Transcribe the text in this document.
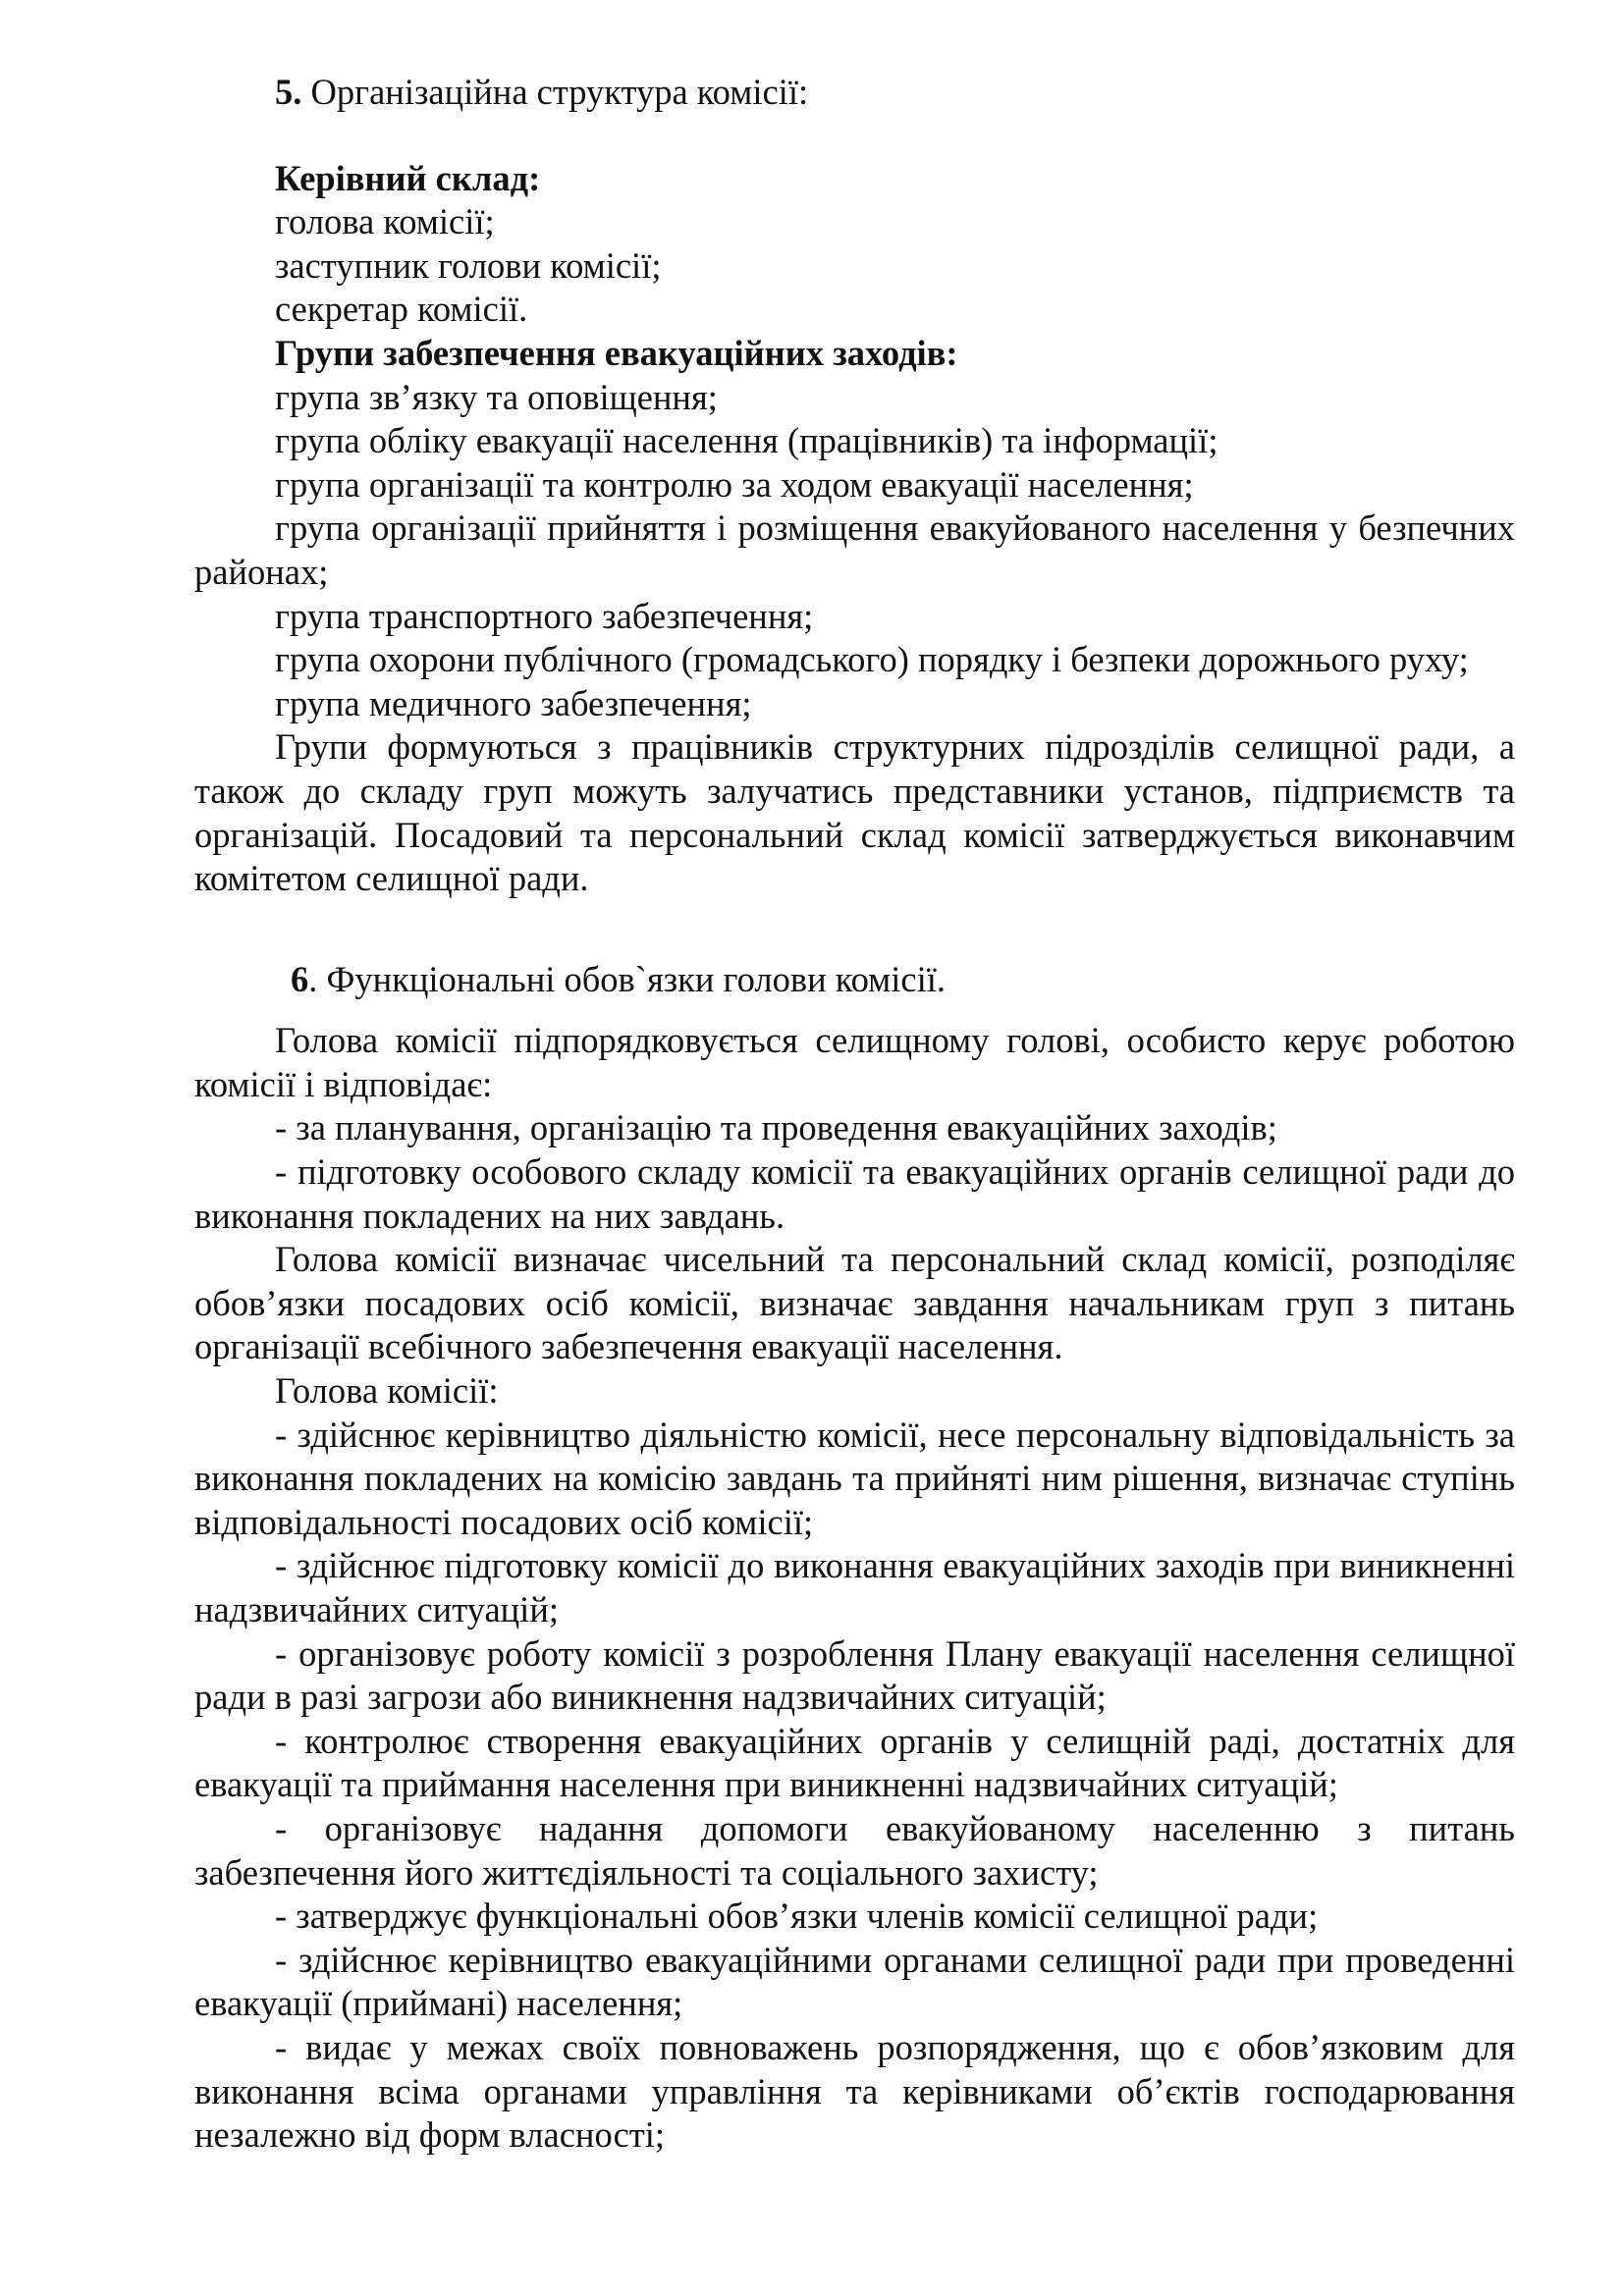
5. Організаційна структура комісії:

Керівний склад:

голова комісії;

заступник голови комісії;

секретар комісії.

Групи забезпечення евакуаційних заходів:

група зв’язку та оповіщення;

група обліку евакуації населення (працівників) та інформації;

група організації та контролю за ходом евакуації населення;

група організації прийняття і розміщення евакуйованого населення у безпечних районах;

група транспортного забезпечення;

група охорони публічного (громадського) порядку і безпеки дорожнього руху;

група медичного забезпечення;

Групи формуються з працівників структурних підрозділів селищної ради, а також до складу груп можуть залучатись представники установ, підприємств та організацій. Посадовий та персональний склад комісії затверджується виконавчим комітетом селищної ради.

6. Функціональні обов`язки голови комісії.

Голова комісії підпорядковується селищному голові, особисто керує роботою комісії і відповідає:

- за планування, організацію та проведення евакуаційних заходів;

- підготовку особового складу комісії та евакуаційних органів селищної ради до виконання покладених на них завдань.

Голова комісії визначає чисельний та персональний склад комісії, розподіляє обов’язки посадових осіб комісії, визначає завдання начальникам груп з питань організації всебічного забезпечення евакуації населення.

Голова комісії:

- здійснює керівництво діяльністю комісії, несе персональну відповідальність за виконання покладених на комісію завдань та прийняті ним рішення, визначає ступінь відповідальності посадових осіб комісії;

- здійснює підготовку комісії до виконання евакуаційних заходів при виникненні надзвичайних ситуацій;

- організовує роботу комісії з розроблення Плану евакуації населення селищної ради в разі загрози або виникнення надзвичайних ситуацій;

- контролює створення евакуаційних органів у селищній раді, достатніх для евакуації та приймання населення при виникненні надзвичайних ситуацій;

- організовує надання допомоги евакуйованому населенню з питань забезпечення його життєдіяльності та соціального захисту;

- затверджує функціональні обов’язки членів комісії селищної ради;

- здійснює керівництво евакуаційними органами селищної ради при проведенні евакуації (приймані) населення;

- видає у межах своїх повноважень розпорядження, що є обов’язковим для виконання всіма органами управління та керівниками об’єктів господарювання незалежно від форм власності;
